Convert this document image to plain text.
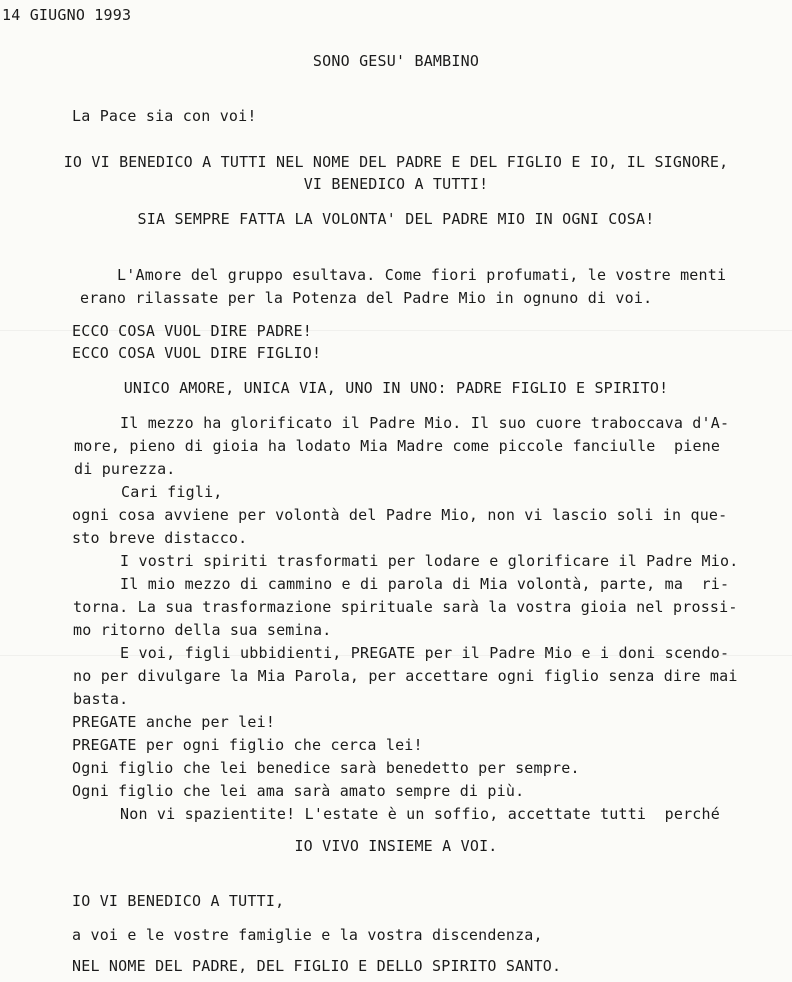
14 GIUGNO 1993
SONO GESU' BAMBINO
La Pace sia con voi!
IO VI BENEDICO A TUTTI NEL NOME DEL PADRE E DEL FIGLIO E IO, IL SIGNORE,
VI BENEDICO A TUTTI!
SIA SEMPRE FATTA LA VOLONTA' DEL PADRE MIO IN OGNI COSA!
L'Amore del gruppo esultava. Come fiori profumati, le vostre menti
erano rilassate per la Potenza del Padre Mio in ognuno di voi.
ECCO COSA VUOL DIRE PADRE!
ECCO COSA VUOL DIRE FIGLIO!
UNICO AMORE, UNICA VIA, UNO IN UNO: PADRE FIGLIO E SPIRITO!
Il mezzo ha glorificato il Padre Mio. Il suo cuore traboccava d'A-
more, pieno di gioia ha lodato Mia Madre come piccole fanciulle  piene
di purezza.
Cari figli,
ogni cosa avviene per volontà del Padre Mio, non vi lascio soli in que-
sto breve distacco.
I vostri spiriti trasformati per lodare e glorificare il Padre Mio.
Il mio mezzo di cammino e di parola di Mia volontà, parte, ma  ri-
torna. La sua trasformazione spirituale sarà la vostra gioia nel prossi-
mo ritorno della sua semina.
E voi, figli ubbidienti, PREGATE per il Padre Mio e i doni scendo-
no per divulgare la Mia Parola, per accettare ogni figlio senza dire mai
basta.
PREGATE anche per lei!
PREGATE per ogni figlio che cerca lei!
Ogni figlio che lei benedice sarà benedetto per sempre.
Ogni figlio che lei ama sarà amato sempre di più.
Non vi spazientite! L'estate è un soffio, accettate tutti  perché
IO VIVO INSIEME A VOI.
IO VI BENEDICO A TUTTI,
a voi e le vostre famiglie e la vostra discendenza,
NEL NOME DEL PADRE, DEL FIGLIO E DELLO SPIRITO SANTO.
